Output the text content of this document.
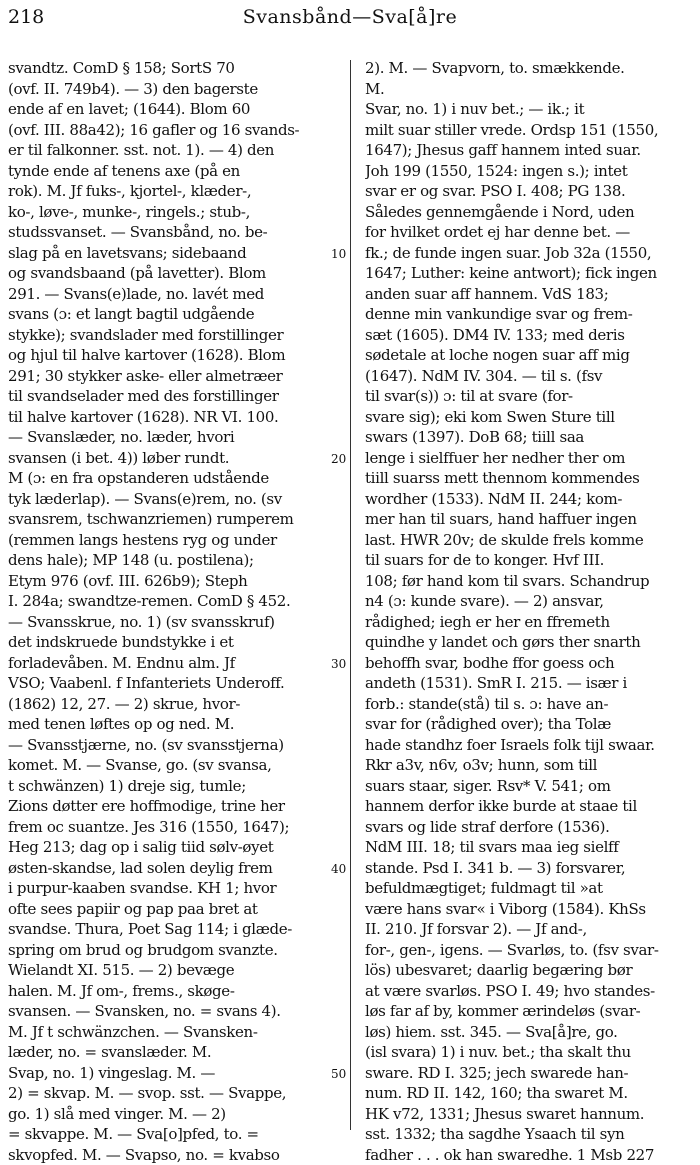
218	Svansbånd—Sva[å]re
svandtz. ComD § 158; SortS 70
(ovf. II. 749b4). — 3) den bagerste
ende af en lavet; (1644). Blom 60
(ovf. III. 88a42); 16 gafler og 16 svands-
er til falkonner. sst. not. 1). — 4) den
tynde ende af tenens axe (på en
rok). M. Jf fuks-, kjortel-, klæder-,
ko-, løve-, munke-, ringels.; stub-,
studssvanset. — Svansbånd, no. be-
slag på en lavetsvans; sidebaand
og svandsbaand (på lavetter). Blom
291. — Svans(e)lade, no. lavét med
svans (ɔ: et langt bagtil udgående
stykke); svandslader med forstillinger
og hjul til halve kartover (1628). Blom
291; 30 stykker aske- eller almetræer
til svandselader med des forstillinger
til halve kartover (1628). NR VI. 100.
— Svanslæder, no. læder, hvori
svansen (i bet. 4)) løber rundt.
M (ɔ: en fra opstanderen udstående
tyk læderlap). — Svans(e)rem, no. (sv
svansrem, tschwanzriemen) rumperem
(remmen langs hestens ryg og under
dens hale); MP 148 (u. postilena);
Etym 976 (ovf. III. 626b9); Steph
I. 284a; swandtze-remen. ComD § 452.
— Svansskrue, no. 1) (sv svansskruf)
det indskruede bundstykke i et
forladevåben. M. Endnu alm. Jf
VSO; Vaabenl. f Infanteriets Underoff.
(1862) 12, 27. — 2) skrue, hvor-
med tenen løftes op og ned. M.
— Svansstjærne, no. (sv svansstjerna)
komet. M. — Svanse, go. (sv svansa,
t schwänzen) 1) dreje sig, tumle;
Zions døtter ere hoffmodige, trine her
frem oc suantze. Jes 316 (1550, 1647);
Heg 213; dag op i salig tiid sølv-øyet
østen-skandse, lad solen deylig frem
i purpur-kaaben svandse. KH 1; hvor
ofte sees papiir og pap paa bret at
svandse. Thura, Poet Sag 114; i glæde-
spring om brud og brudgom svanzte.
Wielandt XI. 515. — 2) bevæge
halen. M. Jf om-, frems., skøge-
svansen. — Svansken, no. = svans 4).
M. Jf t schwänzchen. — Svansken-
læder, no. = svanslæder. M.
Svap, no. 1) vingeslag. M. —
2) = skvap. M. — svop. sst. — Svappe,
go. 1) slå med vinger. M. — 2)
= skvappe. M. — Sva[o]pfed, to. =
skvopfed. M. — Svapso, no. = kvabso
10
20
30
40
50
2). M. — Svapvorn, to. smækkende.
M.
Svar, no. 1) i nuv bet.; — ik.; it
milt suar stiller vrede. Ordsp 151 (1550,
1647); Jhesus gaff hannem inted suar.
Joh 199 (1550, 1524: ingen s.); intet
svar er og svar. PSO I. 408; PG 138.
Således gennemgående i Nord, uden
for hvilket ordet ej har denne bet. —
fk.; de funde ingen suar. Job 32a (1550,
1647; Luther: keine antwort); fick ingen
anden suar aff hannem. VdS 183;
denne min vankundige svar og frem-
sæt (1605). DM4 IV. 133; med deris
sødetale at loche nogen suar aff mig
(1647). NdM IV. 304. — til s. (fsv
til svar(s)) ɔ: til at svare (for-
svare sig); eki kom Swen Sture till
swars (1397). DoB 68; tiill saa
lenge i sielffuer her nedher ther om
tiill suarss mett thennom kommendes
wordher (1533). NdM II. 244; kom-
mer han til suars, hand haffuer ingen
last. HWR 20v; de skulde frels komme
til suars for de to konger. Hvf III.
108; før hand kom til svars. Schandrup
n4 (ɔ: kunde svare). — 2) ansvar,
rådighed; iegh er her en ffremeth
quindhe y landet och gørs ther snarth
behoffh svar, bodhe ffor goess och
andeth (1531). SmR I. 215. — især i
forb.: stande(stå) til s. ɔ: have an-
svar for (rådighed over); tha Tolæ
hade standhz foer Israels folk tijl swaar.
Rkr a3v, n6v, o3v; hunn, som till
suars staar, siger. Rsv* V. 541; om
hannem derfor ikke burde at staae til
svars og lide straf derfore (1536).
NdM III. 18; til svars maa ieg sielff
stande. Psd I. 341 b. — 3) forsvarer,
befuldmægtiget; fuldmagt til »at
være hans svar« i Viborg (1584). KhSs
II. 210. Jf forsvar 2). — Jf and-,
for-, gen-, igens. — Svarløs, to. (fsv svar-
lös) ubesvaret; daarlig begæring bør
at være svarløs. PSO I. 49; hvo standes-
løs far af by, kommer ærindeløs (svar-
løs) hiem. sst. 345. — Sva[å]re, go.
(isl svara) 1) i nuv. bet.; tha skalt thu
sware. RD I. 325; jech swarede han-
num. RD II. 142, 160; tha swaret M.
HK v72, 1331; Jhesus swaret hannum.
sst. 1332; tha sagdhe Ysaach til syn
fadher . . . ok han swaredhe. 1 Msb 227
